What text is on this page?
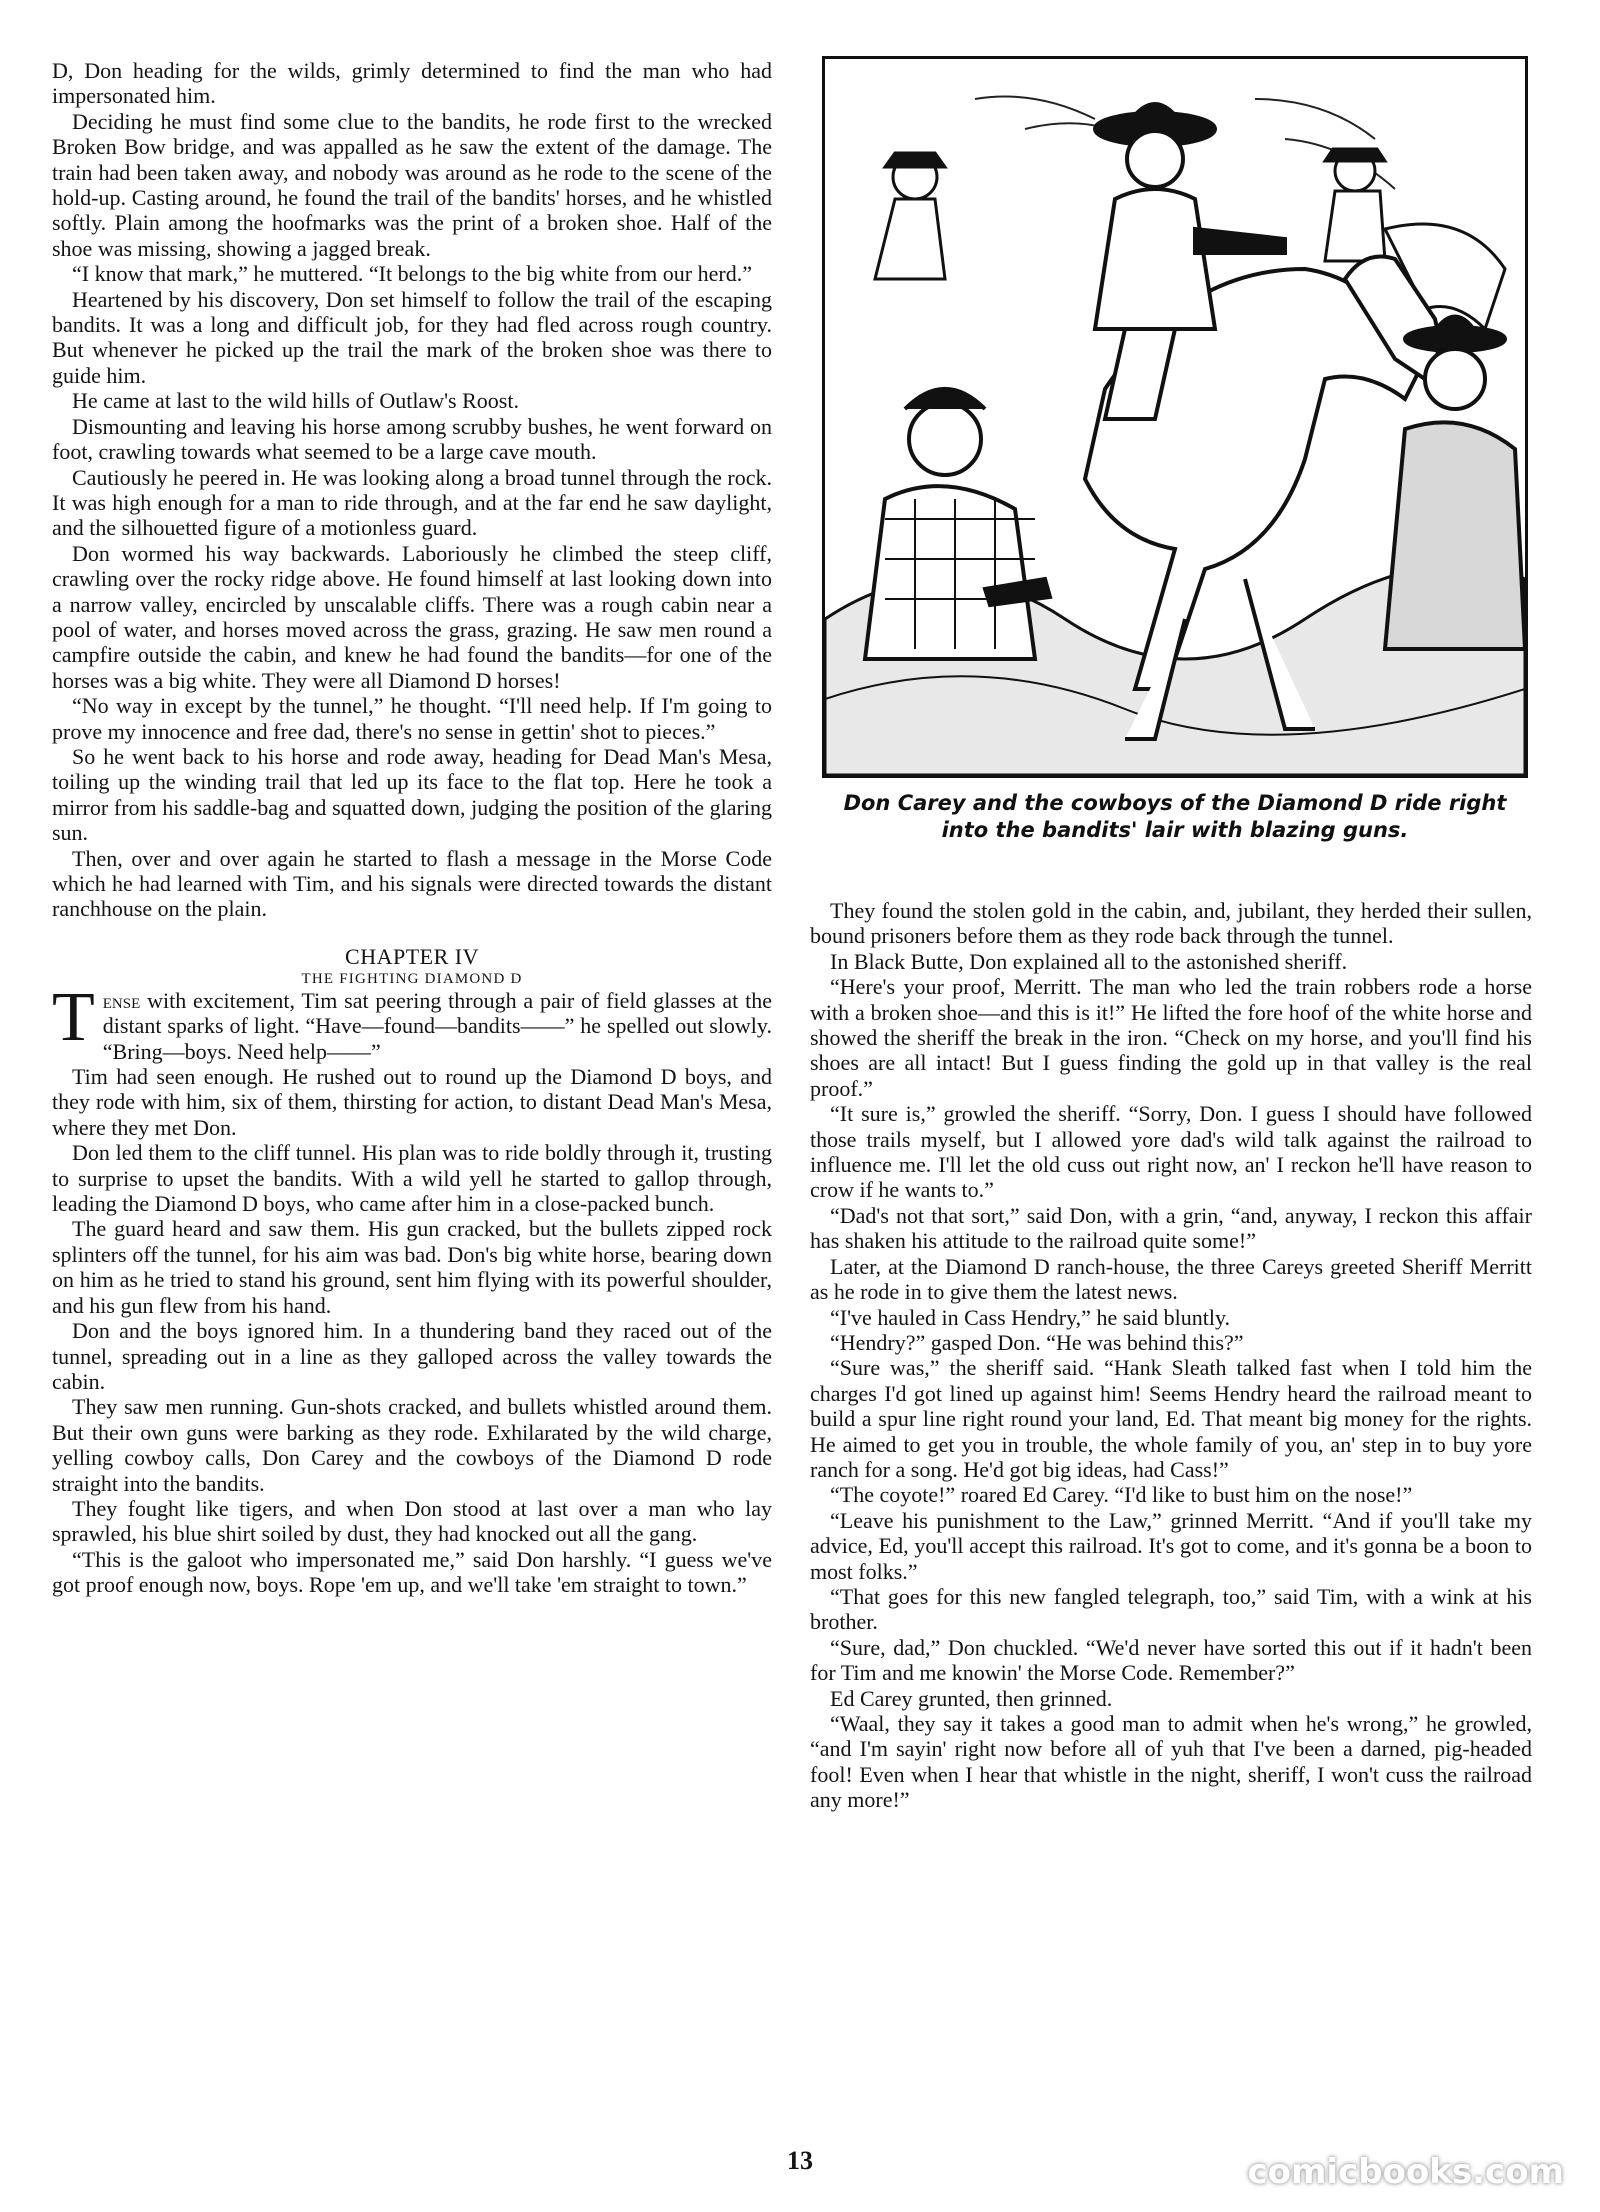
D, Don heading for the wilds, grimly determined to find the man who had impersonated him.

Deciding he must find some clue to the bandits, he rode first to the wrecked Broken Bow bridge, and was appalled as he saw the extent of the damage. The train had been taken away, and nobody was around as he rode to the scene of the hold-up. Casting around, he found the trail of the bandits' horses, and he whistled softly. Plain among the hoofmarks was the print of a broken shoe. Half of the shoe was missing, showing a jagged break.

“I know that mark,” he muttered. “It belongs to the big white from our herd.”

Heartened by his discovery, Don set himself to follow the trail of the escaping bandits. It was a long and difficult job, for they had fled across rough country. But whenever he picked up the trail the mark of the broken shoe was there to guide him.

He came at last to the wild hills of Outlaw's Roost.

Dismounting and leaving his horse among scrubby bushes, he went forward on foot, crawling towards what seemed to be a large cave mouth.

Cautiously he peered in. He was looking along a broad tunnel through the rock. It was high enough for a man to ride through, and at the far end he saw daylight, and the silhouetted figure of a motionless guard.

Don wormed his way backwards. Laboriously he climbed the steep cliff, crawling over the rocky ridge above. He found himself at last looking down into a narrow valley, encircled by unscalable cliffs. There was a rough cabin near a pool of water, and horses moved across the grass, grazing. He saw men round a campfire outside the cabin, and knew he had found the bandits—for one of the horses was a big white. They were all Diamond D horses!

“No way in except by the tunnel,” he thought. “I'll need help. If I'm going to prove my innocence and free dad, there's no sense in gettin' shot to pieces.”

So he went back to his horse and rode away, heading for Dead Man's Mesa, toiling up the winding trail that led up its face to the flat top. Here he took a mirror from his saddle-bag and squatted down, judging the position of the glaring sun.

Then, over and over again he started to flash a message in the Morse Code which he had learned with Tim, and his signals were directed towards the distant ranchhouse on the plain.

CHAPTER IV
THE FIGHTING DIAMOND D

Tense with excitement, Tim sat peering through a pair of field glasses at the distant sparks of light. “Have—found—bandits——” he spelled out slowly. “Bring—boys. Need help——”

Tim had seen enough. He rushed out to round up the Diamond D boys, and they rode with him, six of them, thirsting for action, to distant Dead Man's Mesa, where they met Don.

Don led them to the cliff tunnel. His plan was to ride boldly through it, trusting to surprise to upset the bandits. With a wild yell he started to gallop through, leading the Diamond D boys, who came after him in a close-packed bunch.

The guard heard and saw them. His gun cracked, but the bullets zipped rock splinters off the tunnel, for his aim was bad. Don's big white horse, bearing down on him as he tried to stand his ground, sent him flying with its powerful shoulder, and his gun flew from his hand.

Don and the boys ignored him. In a thundering band they raced out of the tunnel, spreading out in a line as they galloped across the valley towards the cabin.

They saw men running. Gun-shots cracked, and bullets whistled around them. But their own guns were barking as they rode. Exhilarated by the wild charge, yelling cowboy calls, Don Carey and the cowboys of the Diamond D rode straight into the bandits.

They fought like tigers, and when Don stood at last over a man who lay sprawled, his blue shirt soiled by dust, they had knocked out all the gang.

“This is the galoot who impersonated me,” said Don harshly. “I guess we've got proof enough now, boys. Rope 'em up, and we'll take 'em straight to town.”

Don Carey and the cowboys of the Diamond D ride right into the bandits' lair with blazing guns.

They found the stolen gold in the cabin, and, jubilant, they herded their sullen, bound prisoners before them as they rode back through the tunnel.

In Black Butte, Don explained all to the astonished sheriff.

“Here's your proof, Merritt. The man who led the train robbers rode a horse with a broken shoe—and this is it!” He lifted the fore hoof of the white horse and showed the sheriff the break in the iron. “Check on my horse, and you'll find his shoes are all intact! But I guess finding the gold up in that valley is the real proof.”

“It sure is,” growled the sheriff. “Sorry, Don. I guess I should have followed those trails myself, but I allowed yore dad's wild talk against the railroad to influence me. I'll let the old cuss out right now, an' I reckon he'll have reason to crow if he wants to.”

“Dad's not that sort,” said Don, with a grin, “and, anyway, I reckon this affair has shaken his attitude to the railroad quite some!”

Later, at the Diamond D ranch-house, the three Careys greeted Sheriff Merritt as he rode in to give them the latest news.

“I've hauled in Cass Hendry,” he said bluntly.

“Hendry?” gasped Don. “He was behind this?”

“Sure was,” the sheriff said. “Hank Sleath talked fast when I told him the charges I'd got lined up against him! Seems Hendry heard the railroad meant to build a spur line right round your land, Ed. That meant big money for the rights. He aimed to get you in trouble, the whole family of you, an' step in to buy yore ranch for a song. He'd got big ideas, had Cass!”

“The coyote!” roared Ed Carey. “I'd like to bust him on the nose!”

“Leave his punishment to the Law,” grinned Merritt. “And if you'll take my advice, Ed, you'll accept this railroad. It's got to come, and it's gonna be a boon to most folks.”

“That goes for this new fangled telegraph, too,” said Tim, with a wink at his brother.

“Sure, dad,” Don chuckled. “We'd never have sorted this out if it hadn't been for Tim and me knowin' the Morse Code. Remember?”

Ed Carey grunted, then grinned.

“Waal, they say it takes a good man to admit when he's wrong,” he growled, “and I'm sayin' right now before all of yuh that I've been a darned, pig-headed fool! Even when I hear that whistle in the night, sheriff, I won't cuss the railroad any more!”

13	comicbooks.com
